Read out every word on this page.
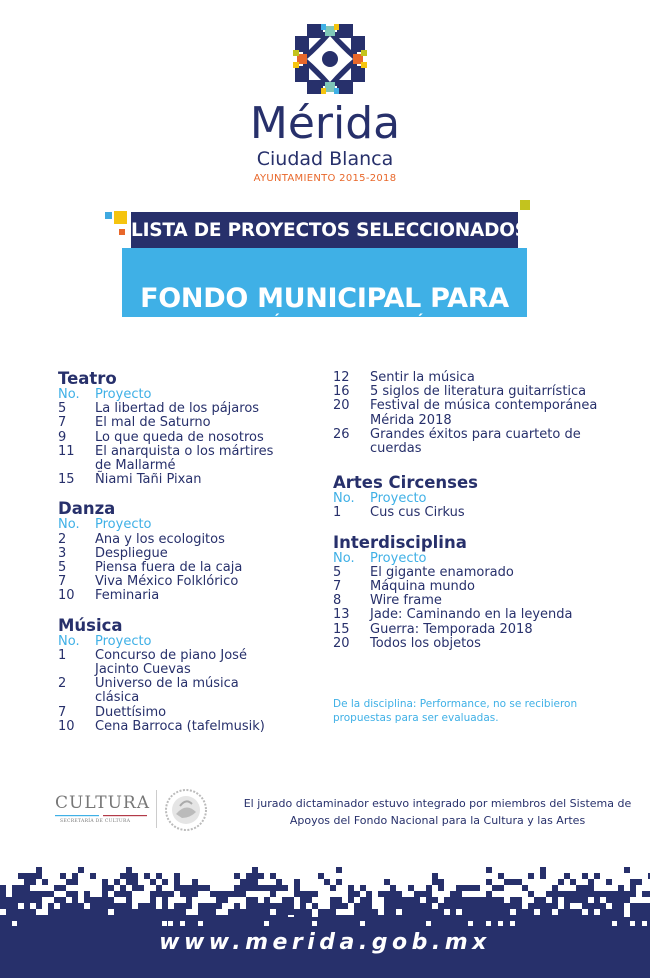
Mérida
Ciudad Blanca
AYUNTAMIENTO 2015-2018
FONDO MUNICIPAL PARA
LAS ARTES ESCÉNICAS Y LA MÚSICA 2018
LISTA DE PROYECTOS SELECCIONADOS
Teatro
No.	Proyecto
5	La libertad de los pájaros
7	El mal de Saturno
9	Lo que queda de nosotros
11	El anarquista o los mártires de Mallarmé
15	Ñiami Tañi Pixan
Danza
No.	Proyecto
2	Ana y los ecologitos
3	Despliegue
5	Piensa fuera de la caja
7	Viva México Folklórico
10	Feminaria
Música
No.	Proyecto
1	Concurso de piano José Jacinto Cuevas
2	Universo de la música clásica
7	Duettísimo
10	Cena Barroca (tafelmusik)
12	Sentir la música
16	5 siglos de literatura guitarrística
20	Festival de música contemporánea Mérida 2018
26	Grandes éxitos para cuarteto de cuerdas
Artes Circenses
No.	Proyecto
1	Cus cus Cirkus
Interdisciplina
No.	Proyecto
5	El gigante enamorado
7	Máquina mundo
8	Wire frame
13	Jade: Caminando en la leyenda
15	Guerra: Temporada 2018
20	Todos los objetos
De la disciplina: Performance, no se recibieron propuestas para ser evaluadas.
CULTURA
SECRETARÍA DE CULTURA
El jurado dictaminador estuvo integrado por miembros del Sistema de Apoyos del Fondo Nacional para la Cultura y las Artes
www.merida.gob.mx
